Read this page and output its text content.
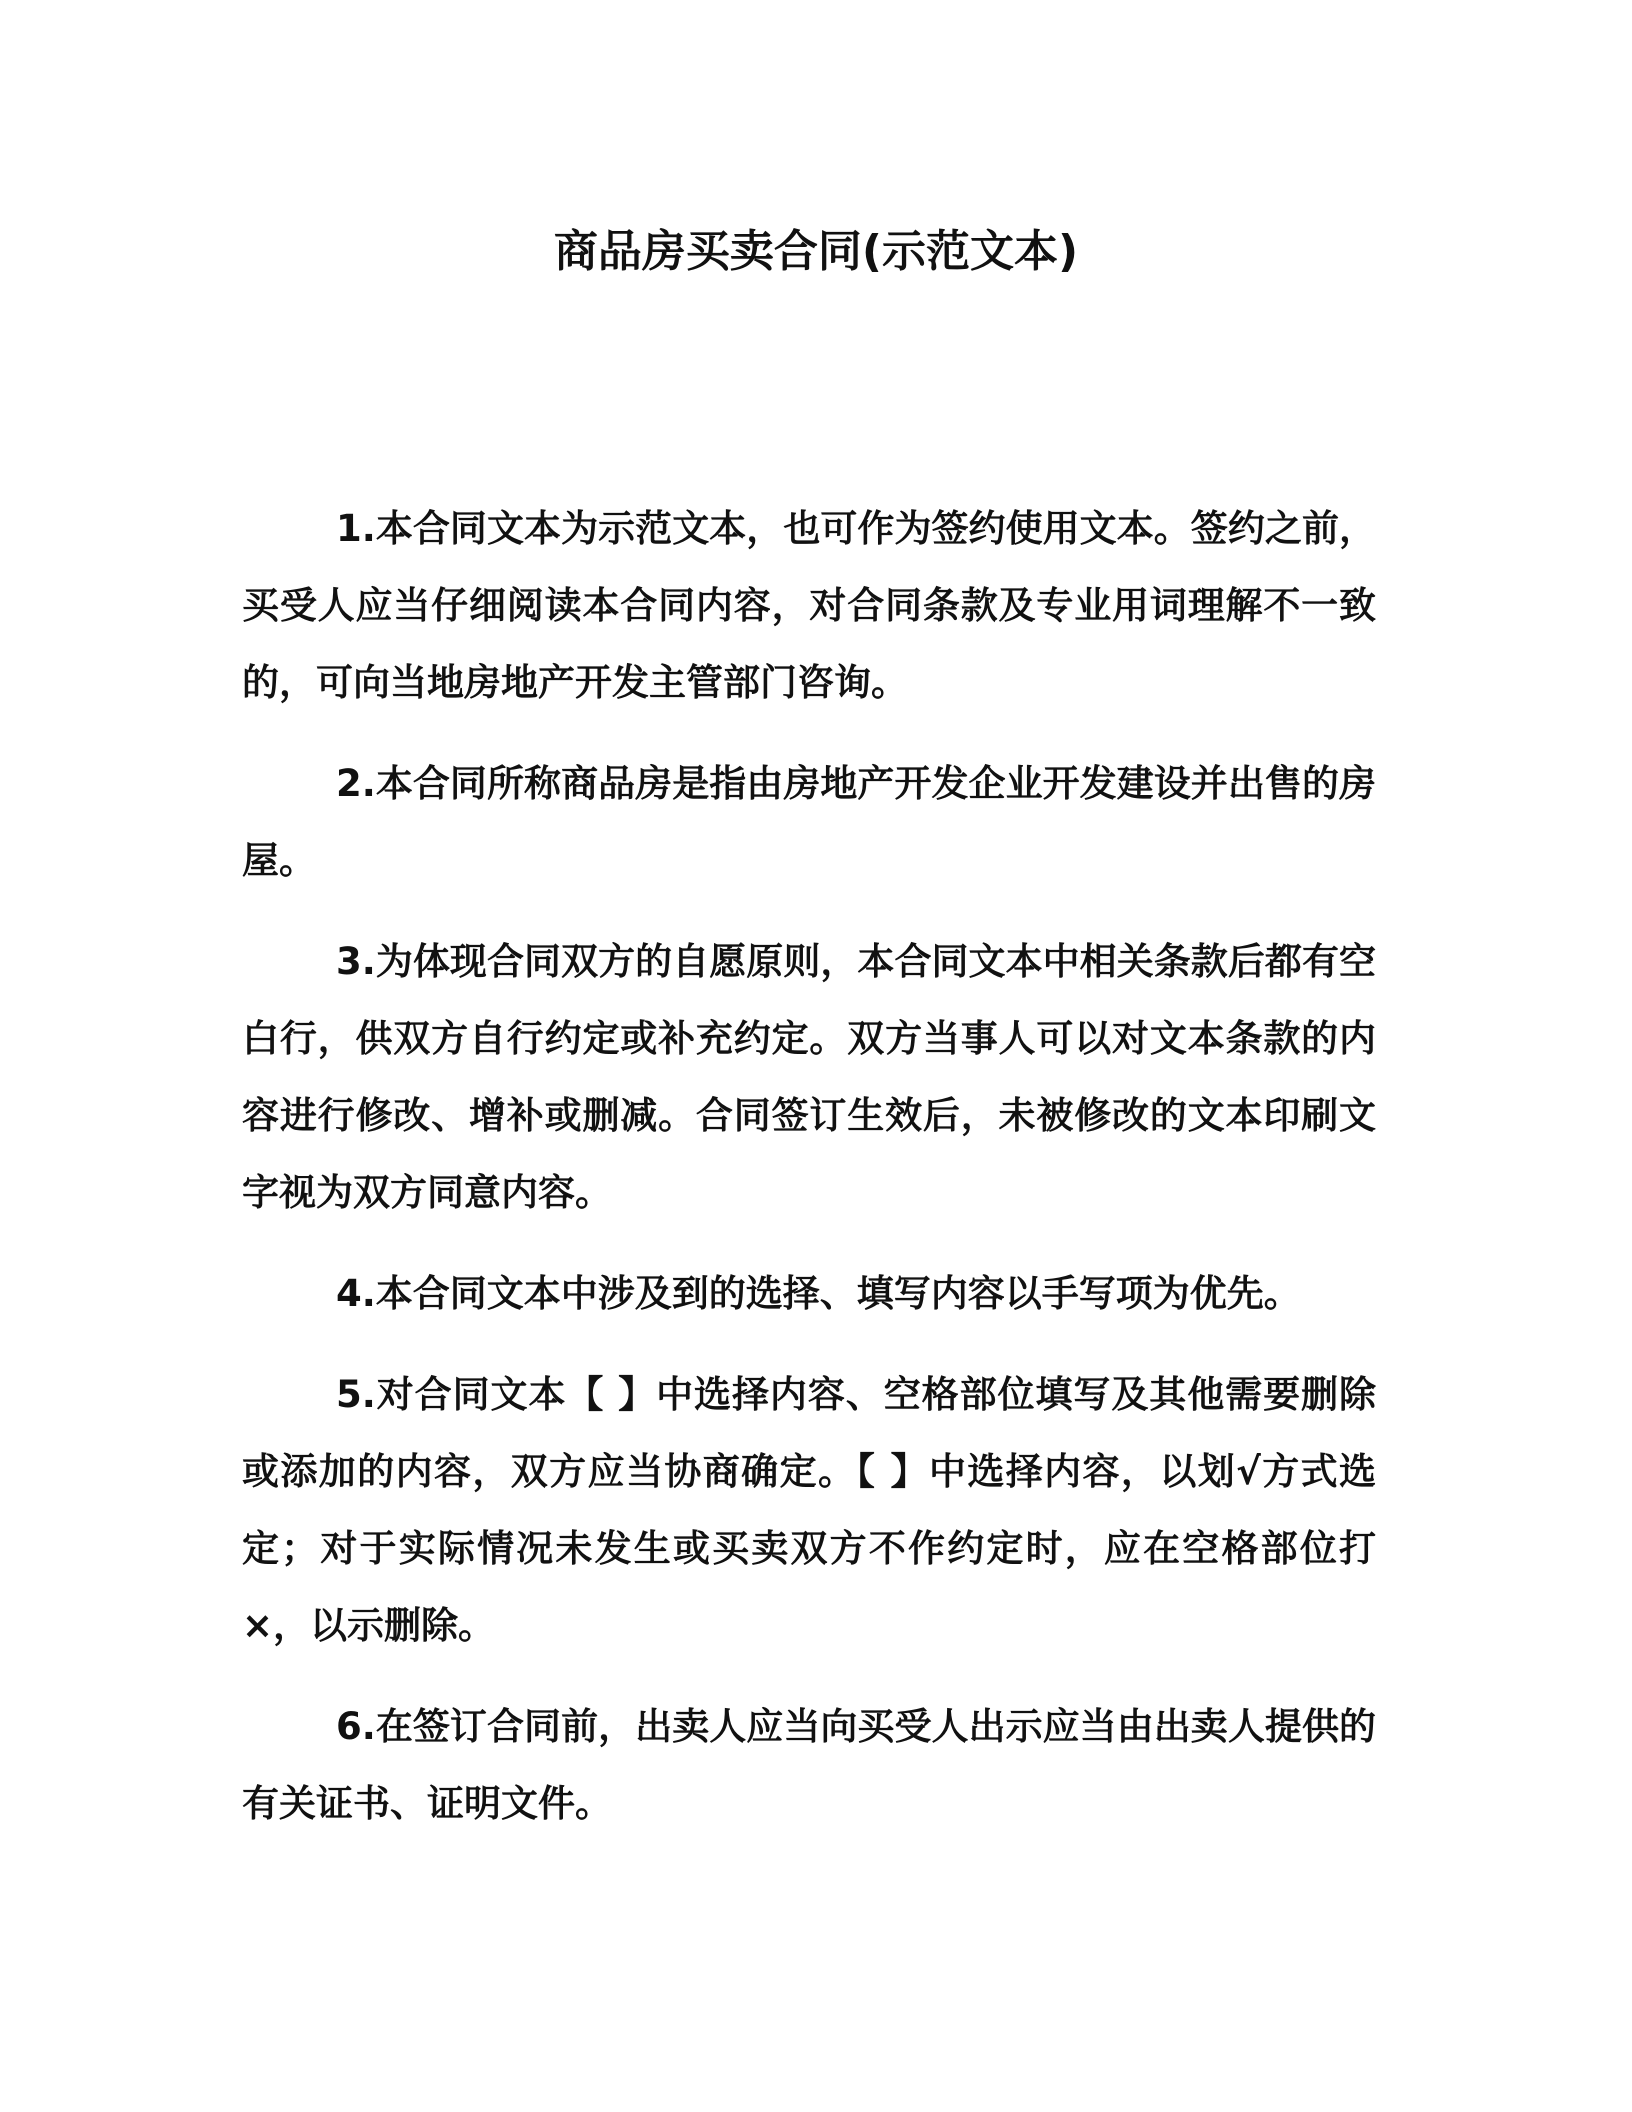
商品房买卖合同(示范文本)

1.本合同文本为示范文本，也可作为签约使用文本。签约之前，买受人应当仔细阅读本合同内容，对合同条款及专业用词理解不一致的，可向当地房地产开发主管部门咨询。

2.本合同所称商品房是指由房地产开发企业开发建设并出售的房屋。

3.为体现合同双方的自愿原则，本合同文本中相关条款后都有空白行，供双方自行约定或补充约定。双方当事人可以对文本条款的内容进行修改、增补或删减。合同签订生效后，未被修改的文本印刷文字视为双方同意内容。

4.本合同文本中涉及到的选择、填写内容以手写项为优先。

5.对合同文本【 】中选择内容、空格部位填写及其他需要删除或添加的内容，双方应当协商确定。【 】中选择内容，以划√方式选定；对于实际情况未发生或买卖双方不作约定时，应在空格部位打×，以示删除。

6.在签订合同前，出卖人应当向买受人出示应当由出卖人提供的有关证书、证明文件。
